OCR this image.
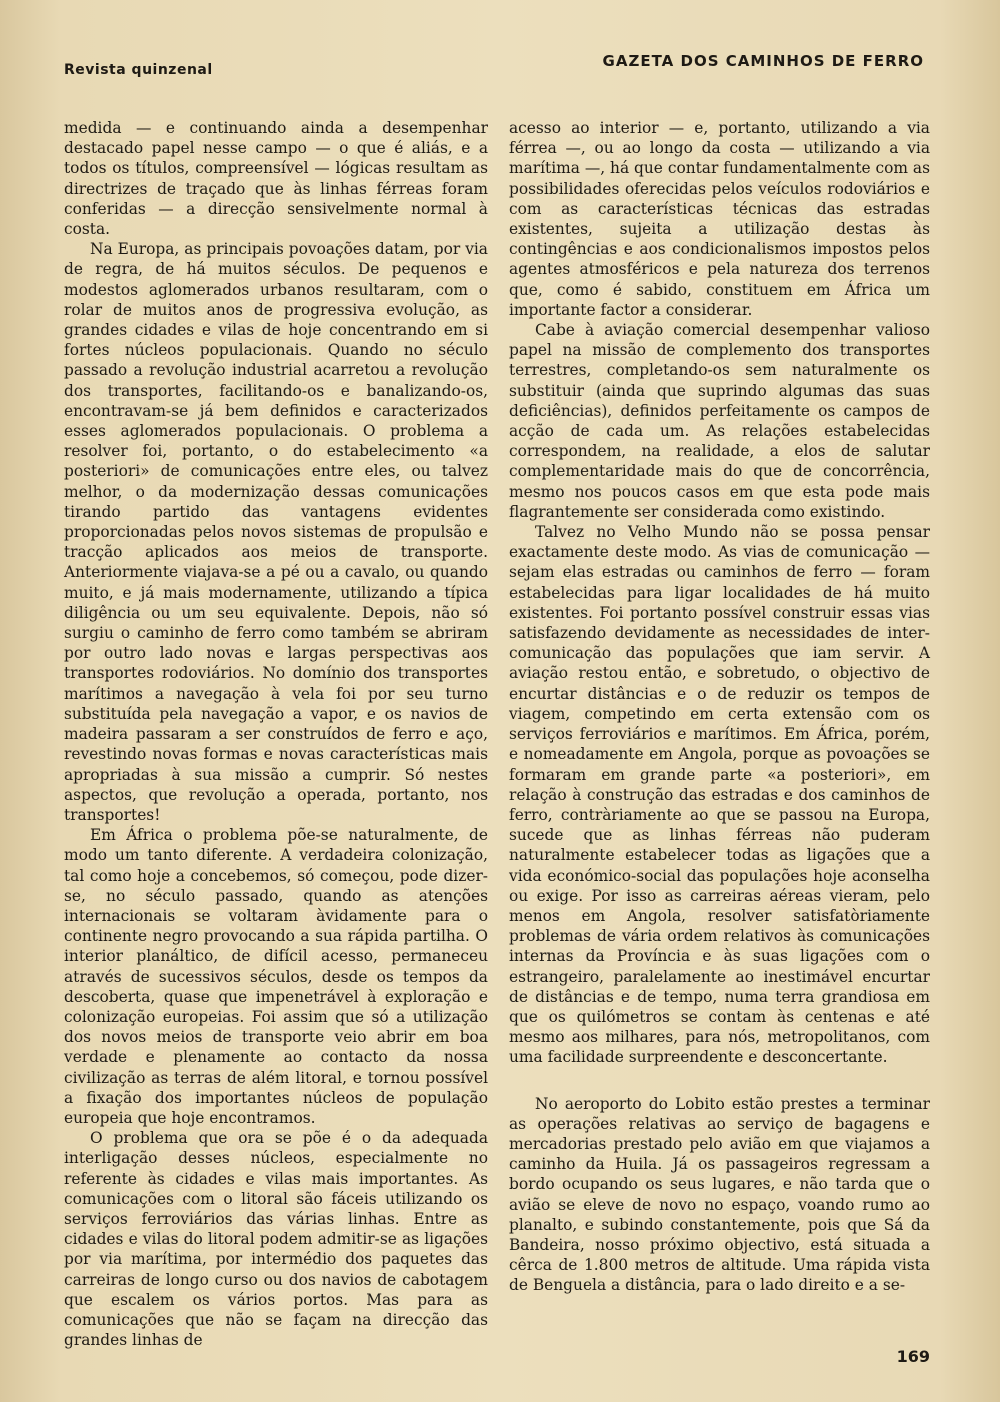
Revista quinzenal	GAZETA DOS CAMINHOS DE FERRO

medida — e continuando ainda a desempenhar destacado papel nesse campo — o que é aliás, e a todos os títulos, compreensível — lógicas resultam as directrizes de traçado que às linhas férreas foram conferidas — a direcção sensivelmente normal à costa.

Na Europa, as principais povoações datam, por via de regra, de há muitos séculos. De pequenos e modestos aglomerados urbanos resultaram, com o rolar de muitos anos de progressiva evolução, as grandes cidades e vilas de hoje concentrando em si fortes núcleos populacionais. Quando no século passado a revolução industrial acarretou a revolução dos transportes, facilitando-os e banalizando-os, encontravam-se já bem definidos e caracterizados esses aglomerados populacionais. O problema a resolver foi, portanto, o do estabelecimento «a posteriori» de comunicações entre eles, ou talvez melhor, o da modernização dessas comunicações tirando partido das vantagens evidentes proporcionadas pelos novos sistemas de propulsão e tracção aplicados aos meios de transporte. Anteriormente viajava-se a pé ou a cavalo, ou quando muito, e já mais modernamente, utilizando a típica diligência ou um seu equivalente. Depois, não só surgiu o caminho de ferro como também se abriram por outro lado novas e largas perspectivas aos transportes rodoviários. No domínio dos transportes marítimos a navegação à vela foi por seu turno substituída pela navegação a vapor, e os navios de madeira passaram a ser construídos de ferro e aço, revestindo novas formas e novas características mais apropriadas à sua missão a cumprir. Só nestes aspectos, que revolução a operada, portanto, nos transportes!

Em África o problema põe-se naturalmente, de modo um tanto diferente. A verdadeira colonização, tal como hoje a concebemos, só começou, pode dizer-se, no século passado, quando as atenções internacionais se voltaram àvidamente para o continente negro provocando a sua rápida partilha. O interior planáltico, de difícil acesso, permaneceu através de sucessivos séculos, desde os tempos da descoberta, quase que impenetrável à exploração e colonização europeias. Foi assim que só a utilização dos novos meios de transporte veio abrir em boa verdade e plenamente ao contacto da nossa civilização as terras de além litoral, e tornou possível a fixação dos importantes núcleos de população europeia que hoje encontramos.

O problema que ora se põe é o da adequada interligação desses núcleos, especialmente no referente às cidades e vilas mais importantes. As comunicações com o litoral são fáceis utilizando os serviços ferroviários das várias linhas. Entre as cidades e vilas do litoral podem admitir-se as ligações por via marítima, por intermédio dos paquetes das carreiras de longo curso ou dos navios de cabotagem que escalem os vários portos. Mas para as comunicações que não se façam na direcção das grandes linhas de

acesso ao interior — e, portanto, utilizando a via férrea —, ou ao longo da costa — utilizando a via marítima —, há que contar fundamentalmente com as possibilidades oferecidas pelos veículos rodoviários e com as características técnicas das estradas existentes, sujeita a utilização destas às contingências e aos condicionalismos impostos pelos agentes atmosféricos e pela natureza dos terrenos que, como é sabido, constituem em África um importante factor a considerar.

Cabe à aviação comercial desempenhar valioso papel na missão de complemento dos transportes terrestres, completando-os sem naturalmente os substituir (ainda que suprindo algumas das suas deficiências), definidos perfeitamente os campos de acção de cada um. As relações estabelecidas correspondem, na realidade, a elos de salutar complementaridade mais do que de concorrência, mesmo nos poucos casos em que esta pode mais flagrantemente ser considerada como existindo.

Talvez no Velho Mundo não se possa pensar exactamente deste modo. As vias de comunicação — sejam elas estradas ou caminhos de ferro — foram estabelecidas para ligar localidades de há muito existentes. Foi portanto possível construir essas vias satisfazendo devidamente as necessidades de inter-comunicação das populações que iam servir. A aviação restou então, e sobretudo, o objectivo de encurtar distâncias e o de reduzir os tempos de viagem, competindo em certa extensão com os serviços ferroviários e marítimos. Em África, porém, e nomeadamente em Angola, porque as povoações se formaram em grande parte «a posteriori», em relação à construção das estradas e dos caminhos de ferro, contràriamente ao que se passou na Europa, sucede que as linhas férreas não puderam naturalmente estabelecer todas as ligações que a vida económico-social das populações hoje aconselha ou exige. Por isso as carreiras aéreas vieram, pelo menos em Angola, resolver satisfatòriamente problemas de vária ordem relativos às comunicações internas da Província e às suas ligações com o estrangeiro, paralelamente ao inestimável encurtar de distâncias e de tempo, numa terra grandiosa em que os quilómetros se contam às centenas e até mesmo aos milhares, para nós, metropolitanos, com uma facilidade surpreendente e desconcertante.

No aeroporto do Lobito estão prestes a terminar as operações relativas ao serviço de bagagens e mercadorias prestado pelo avião em que viajamos a caminho da Huila. Já os passageiros regressam a bordo ocupando os seus lugares, e não tarda que o avião se eleve de novo no espaço, voando rumo ao planalto, e subindo constantemente, pois que Sá da Bandeira, nosso próximo objectivo, está situada a cêrca de 1.800 metros de altitude. Uma rápida vista de Benguela a distância, para o lado direito e a se-

169
